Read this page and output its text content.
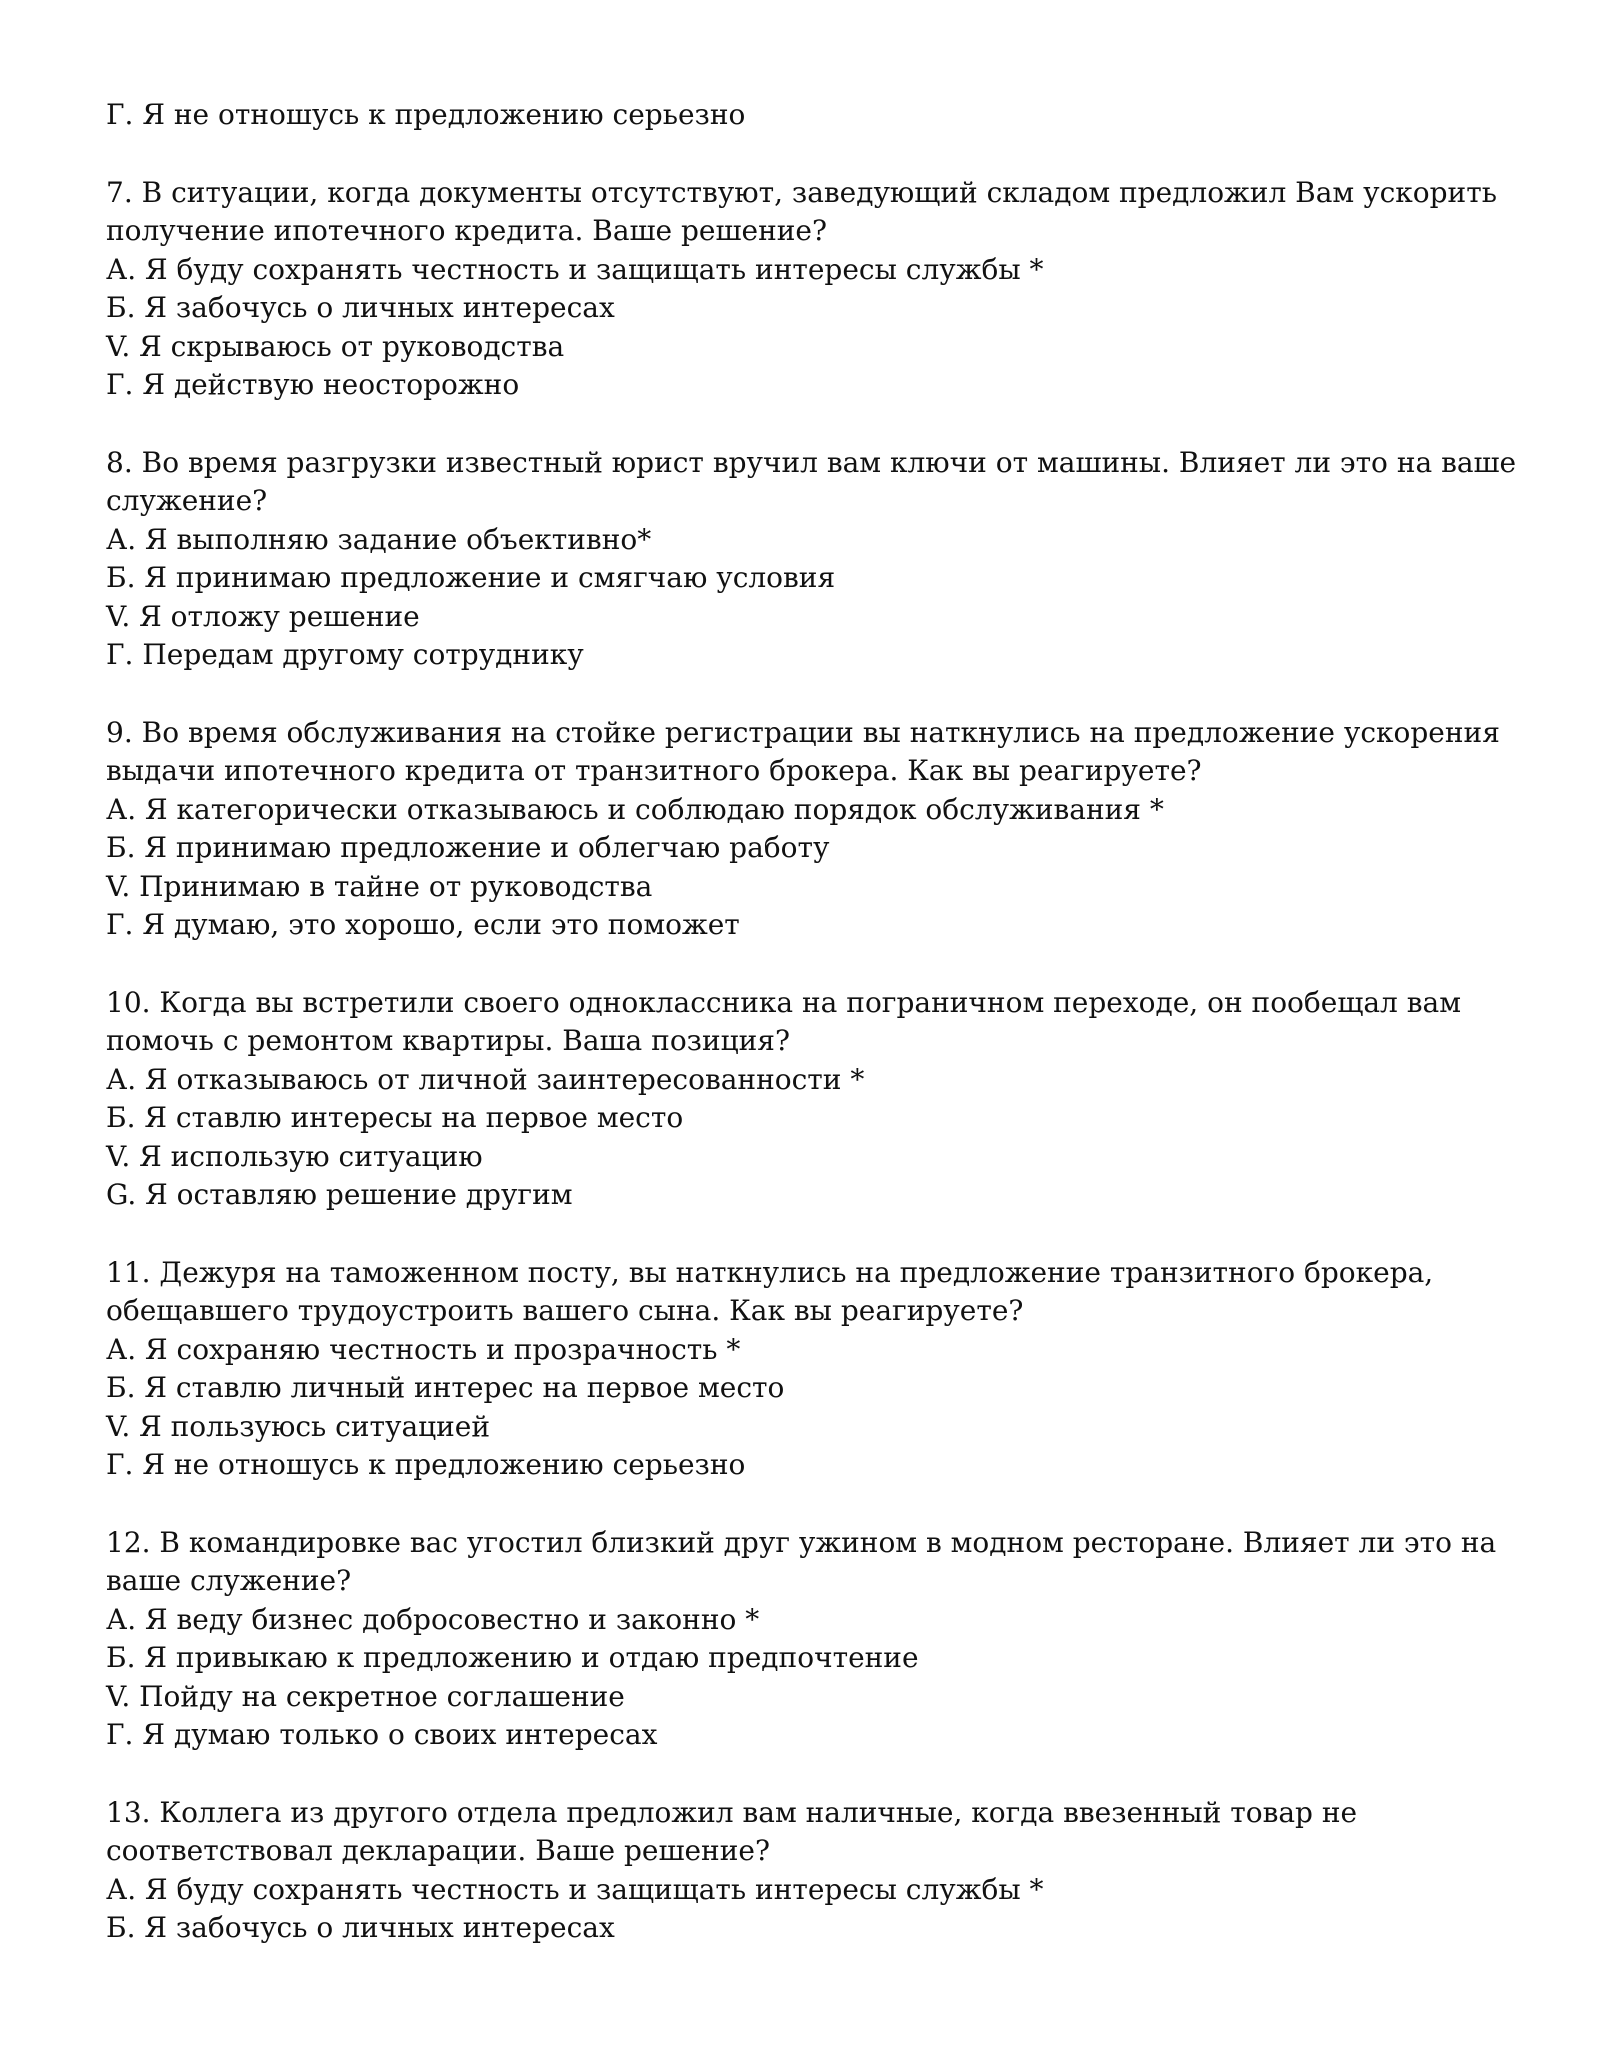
Г. Я не отношусь к предложению серьезно
7. В ситуации, когда документы отсутствуют, заведующий складом предложил Вам ускорить
получение ипотечного кредита. Ваше решение?
А. Я буду сохранять честность и защищать интересы службы *
Б. Я забочусь о личных интересах
V. Я скрываюсь от руководства
Г. Я действую неосторожно
8. Во время разгрузки известный юрист вручил вам ключи от машины. Влияет ли это на ваше
служение?
А. Я выполняю задание объективно*
Б. Я принимаю предложение и смягчаю условия
V. Я отложу решение
Г. Передам другому сотруднику
9. Во время обслуживания на стойке регистрации вы наткнулись на предложение ускорения
выдачи ипотечного кредита от транзитного брокера. Как вы реагируете?
А. Я категорически отказываюсь и соблюдаю порядок обслуживания *
Б. Я принимаю предложение и облегчаю работу
V. Принимаю в тайне от руководства
Г. Я думаю, это хорошо, если это поможет
10. Когда вы встретили своего одноклассника на пограничном переходе, он пообещал вам
помочь с ремонтом квартиры. Ваша позиция?
А. Я отказываюсь от личной заинтересованности *
Б. Я ставлю интересы на первое место
V. Я использую ситуацию
G. Я оставляю решение другим
11. Дежуря на таможенном посту, вы наткнулись на предложение транзитного брокера,
обещавшего трудоустроить вашего сына. Как вы реагируете?
А. Я сохраняю честность и прозрачность *
Б. Я ставлю личный интерес на первое место
V. Я пользуюсь ситуацией
Г. Я не отношусь к предложению серьезно
12. В командировке вас угостил близкий друг ужином в модном ресторане. Влияет ли это на
ваше служение?
А. Я веду бизнес добросовестно и законно *
Б. Я привыкаю к предложению и отдаю предпочтение
V. Пойду на секретное соглашение
Г. Я думаю только о своих интересах
13. Коллега из другого отдела предложил вам наличные, когда ввезенный товар не
соответствовал декларации. Ваше решение?
А. Я буду сохранять честность и защищать интересы службы *
Б. Я забочусь о личных интересах
